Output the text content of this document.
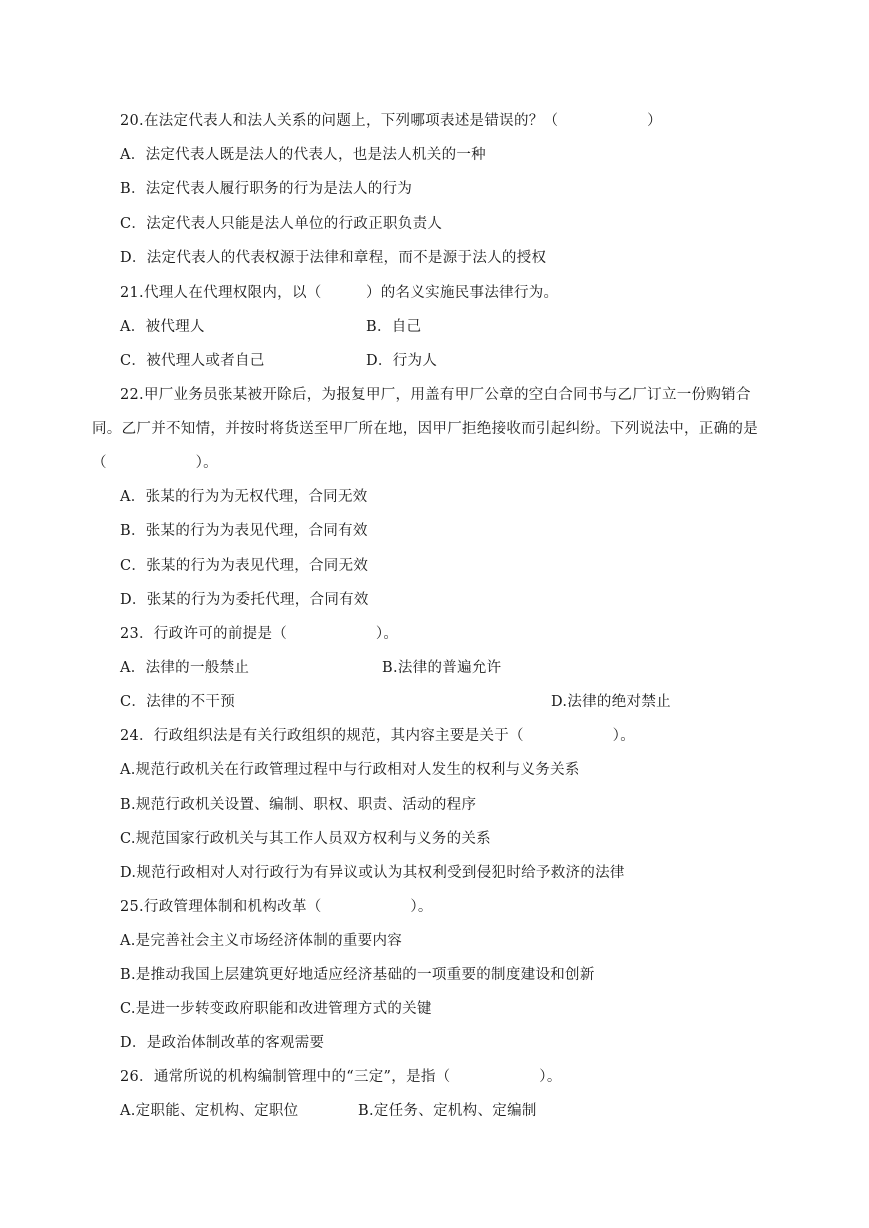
20.在法定代表人和法人关系的问题上，下列哪项表述是错误的？（　　　　　　）
A．法定代表人既是法人的代表人，也是法人机关的一种
B．法定代表人履行职务的行为是法人的行为
C．法定代表人只能是法人单位的行政正职负责人
D．法定代表人的代表权源于法律和章程，而不是源于法人的授权
21.代理人在代理权限内，以（　　　）的名义实施民事法律行为。
A．被代理人	B．自己
C．被代理人或者自己	D．行为人
22.甲厂业务员张某被开除后，为报复甲厂，用盖有甲厂公章的空白合同书与乙厂订立一份购销合
同。乙厂并不知情，并按时将货送至甲厂所在地，因甲厂拒绝接收而引起纠纷。下列说法中，正确的是
（　　　　　　）。
A．张某的行为为无权代理，合同无效
B．张某的行为为表见代理，合同有效
C．张某的行为为表见代理，合同无效
D．张某的行为为委托代理，合同有效
23．行政许可的前提是（　　　　　　）。
A．法律的一般禁止	B.法律的普遍允许
C．法律的不干预	D.法律的绝对禁止
24．行政组织法是有关行政组织的规范，其内容主要是关于（　　　　　　）。
A.规范行政机关在行政管理过程中与行政相对人发生的权利与义务关系
B.规范行政机关设置、编制、职权、职责、活动的程序
C.规范国家行政机关与其工作人员双方权利与义务的关系
D.规范行政相对人对行政行为有异议或认为其权利受到侵犯时给予救济的法律
25.行政管理体制和机构改革（　　　　　　）。
A.是完善社会主义市场经济体制的重要内容
B.是推动我国上层建筑更好地适应经济基础的一项重要的制度建设和创新
C.是进一步转变政府职能和改进管理方式的关键
D．是政治体制改革的客观需要
26．通常所说的机构编制管理中的“三定”，是指（　　　　　　）。
A.定职能、定机构、定职位	B.定任务、定机构、定编制
